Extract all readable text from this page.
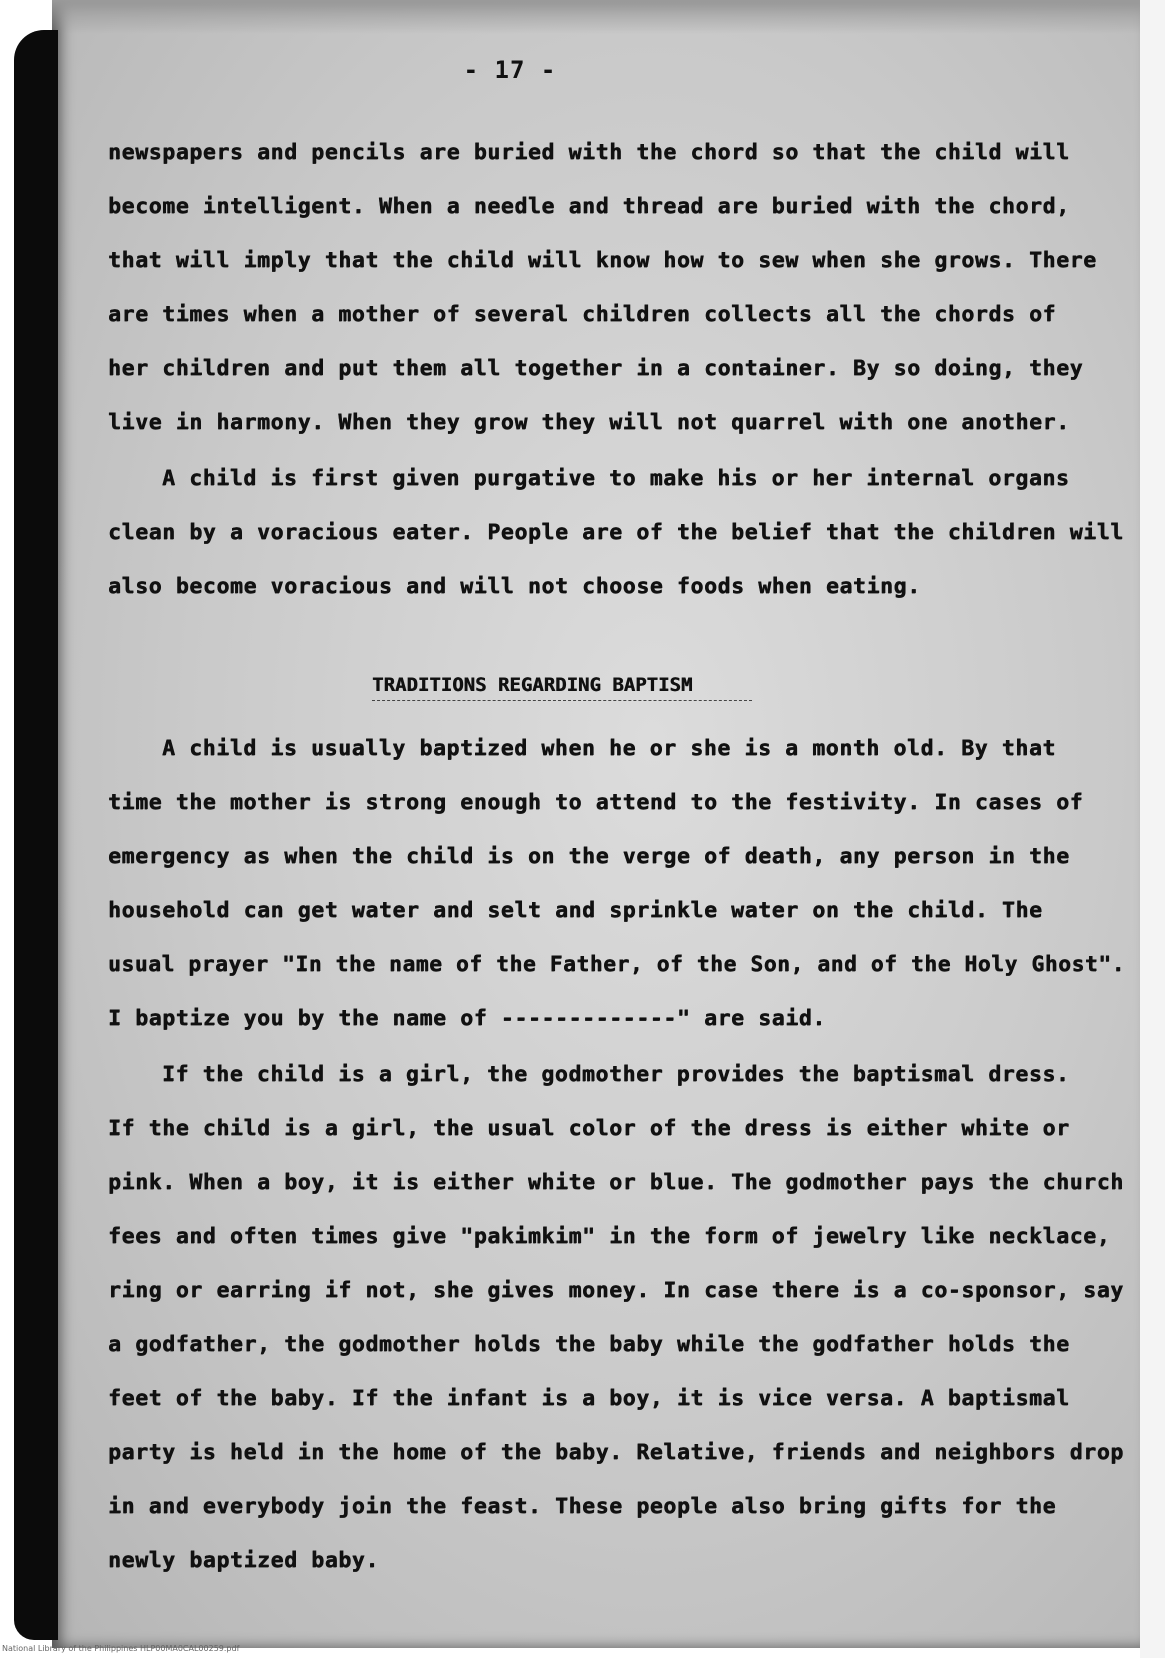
- 17 -
newspapers and pencils are buried with the chord so that the child will
become intelligent. When a needle and thread are buried with the chord,
that will imply that the child will know how to sew when she grows. There
are times when a mother of several children collects all the chords of
her children and put them all together in a container. By so doing, they
live in harmony. When they grow they will not quarrel with one another.
A child is first given purgative to make his or her internal organs
clean by a voracious eater. People are of the belief that the children will
also become voracious and will not choose foods when eating.
TRADITIONS REGARDING BAPTISM
A child is usually baptized when he or she is a month old. By that
time the mother is strong enough to attend to the festivity. In cases of
emergency as when the child is on the verge of death, any person in the
household can get water and selt and sprinkle water on the child. The
usual prayer "In the name of the Father, of the Son, and of the Holy Ghost".
I baptize you by the name of -------------" are said.
If the child is a girl, the godmother provides the baptismal dress.
If the child is a girl, the usual color of the dress is either white or
pink. When a boy, it is either white or blue. The godmother pays the church
fees and often times give "pakimkim" in the form of jewelry like necklace,
ring or earring if not, she gives money. In case there is a co-sponsor, say
a godfather, the godmother holds the baby while the godfather holds the
feet of the baby. If the infant is a boy, it is vice versa. A baptismal
party is held in the home of the baby. Relative, friends and neighbors drop
in and everybody join the feast. These people also bring gifts for the
newly baptized baby.
National Library of the Philippines HLP00MA0CAL00259.pdf
